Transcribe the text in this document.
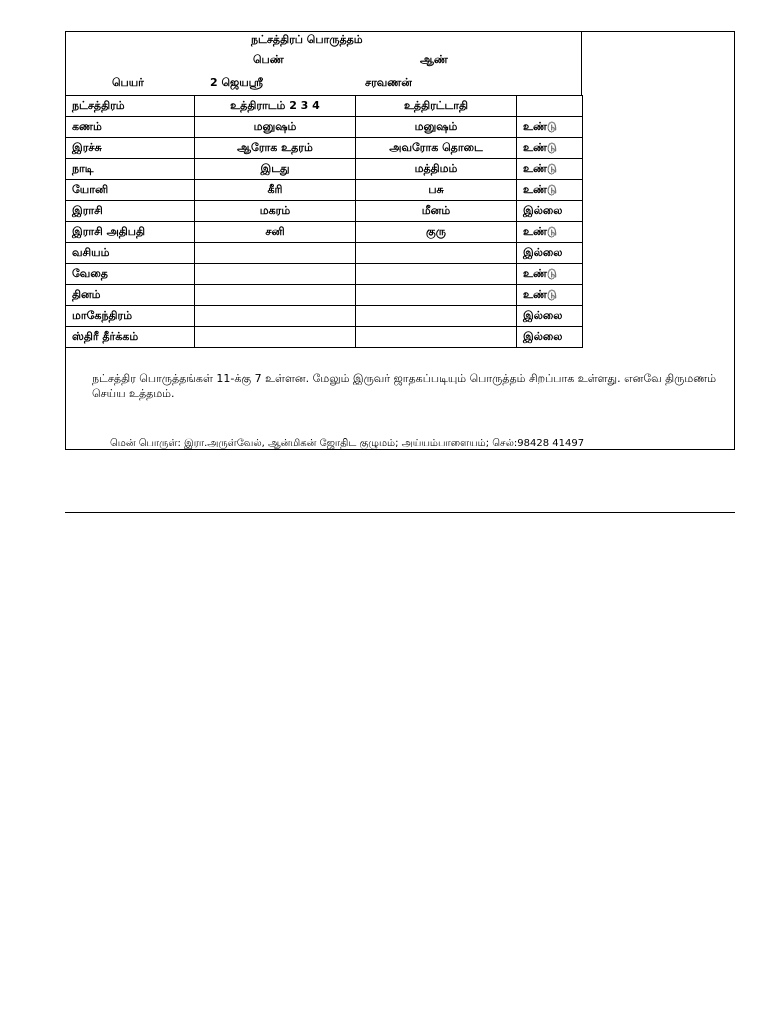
நட்சத்திரப் பொருத்தம்
பெண்	ஆண்
பெயர்	2 ஜெயஸ்ரீ	சரவணன்
நட்சத்திரம்	உத்திராடம் 2 3 4	உத்திரட்டாதி	
கணம்	மனுஷம்	மனுஷம்	உண்டு
இரச்சு	ஆரோக உதரம்	அவரோக தொடை	உண்டு
நாடி	இடது	மத்திமம்	உண்டு
யோனி	கீரி	பசு	உண்டு
இராசி	மகரம்	மீனம்	இல்லை
இராசி அதிபதி	சனி	குரு	உண்டு
வசியம்			இல்லை
வேதை			உண்டு
தினம்			உண்டு
மாகேந்திரம்			இல்லை
ஸ்திரீ தீர்க்கம்			இல்லை
நட்சத்திர பொருத்தங்கள் 11-க்கு 7 உள்ளன. மேலும் இருவர் ஜாதகப்படியும் பொருத்தம் சிறப்பாக உள்ளது. எனவே திருமணம் செய்ய உத்தமம்.
மென் பொருள்: இரா.அருள்வேல், ஆன்மிகன் ஜோதிட குழுமம்; அய்யம்பாளையம்; செல்:98428 41497
